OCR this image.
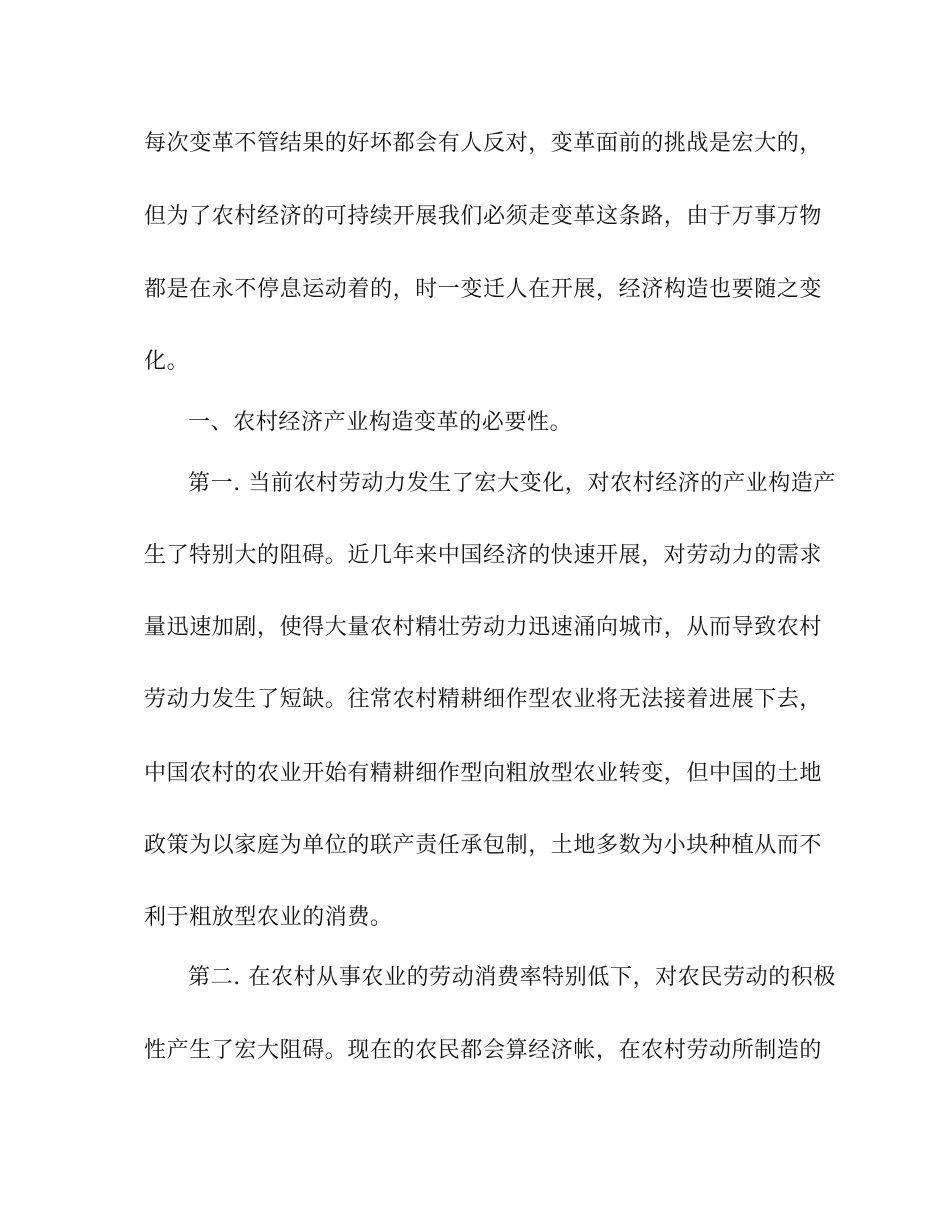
每次变革不管结果的好坏都会有人反对，变革面前的挑战是宏大的，

但为了农村经济的可持续开展我们必须走变革这条路，由于万事万物

都是在永不停息运动着的，时一变迁人在开展，经济构造也要随之变

化。

一、农村经济产业构造变革的必要性。

第一. 当前农村劳动力发生了宏大变化，对农村经济的产业构造产

生了特别大的阻碍。近几年来中国经济的快速开展，对劳动力的需求

量迅速加剧，使得大量农村精壮劳动力迅速涌向城市，从而导致农村

劳动力发生了短缺。往常农村精耕细作型农业将无法接着进展下去，

中国农村的农业开始有精耕细作型向粗放型农业转变，但中国的土地

政策为以家庭为单位的联产责任承包制，土地多数为小块种植从而不

利于粗放型农业的消费。

第二. 在农村从事农业的劳动消费率特别低下，对农民劳动的积极

性产生了宏大阻碍。现在的农民都会算经济帐，在农村劳动所制造的
